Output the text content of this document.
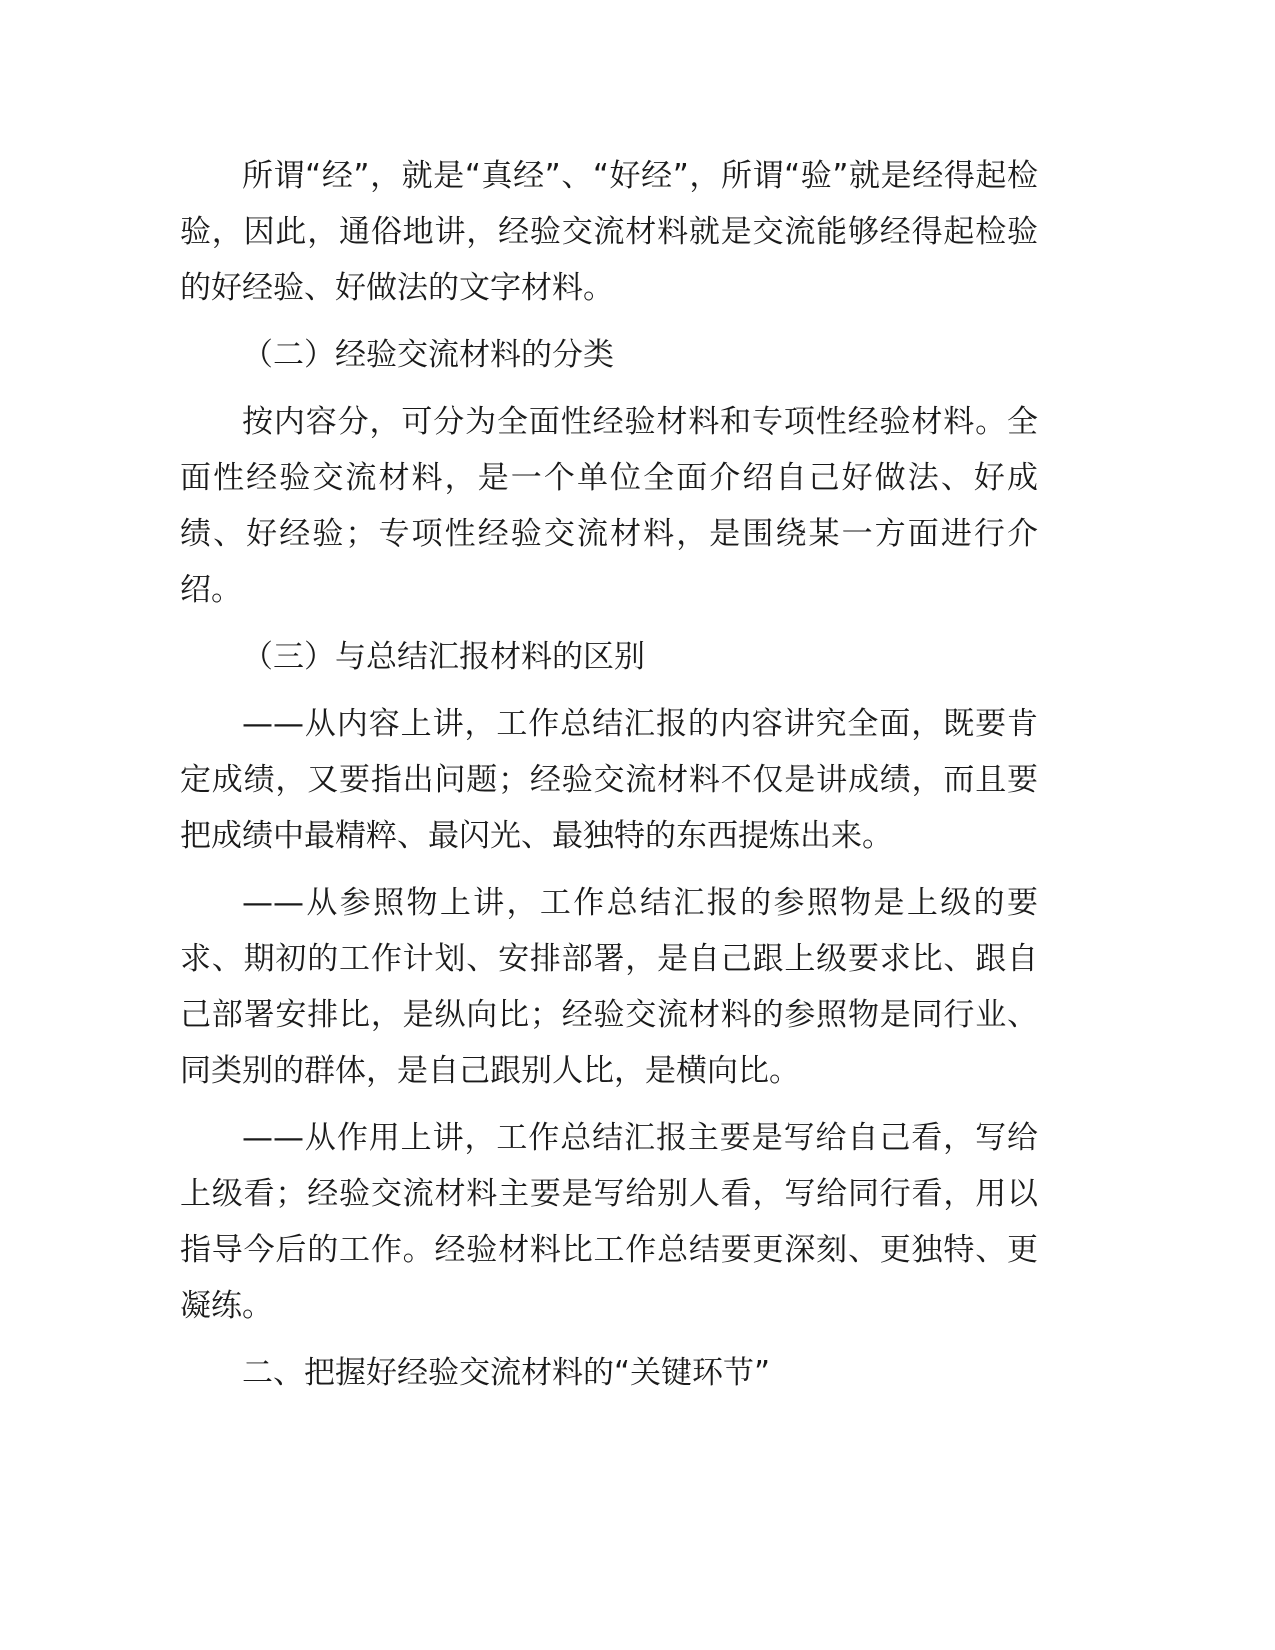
所谓“经”，就是“真经”、“好经”，所谓“验”就是经得起检验，因此，通俗地讲，经验交流材料就是交流能够经得起检验的好经验、好做法的文字材料。

（二）经验交流材料的分类

按内容分，可分为全面性经验材料和专项性经验材料。全面性经验交流材料，是一个单位全面介绍自己好做法、好成绩、好经验；专项性经验交流材料，是围绕某一方面进行介绍。

（三）与总结汇报材料的区别

——从内容上讲，工作总结汇报的内容讲究全面，既要肯定成绩，又要指出问题；经验交流材料不仅是讲成绩，而且要把成绩中最精粹、最闪光、最独特的东西提炼出来。

——从参照物上讲，工作总结汇报的参照物是上级的要求、期初的工作计划、安排部署，是自己跟上级要求比、跟自己部署安排比，是纵向比；经验交流材料的参照物是同行业、同类别的群体，是自己跟别人比，是横向比。

——从作用上讲，工作总结汇报主要是写给自己看，写给上级看；经验交流材料主要是写给别人看，写给同行看，用以指导今后的工作。经验材料比工作总结要更深刻、更独特、更凝练。

二、把握好经验交流材料的“关键环节”
